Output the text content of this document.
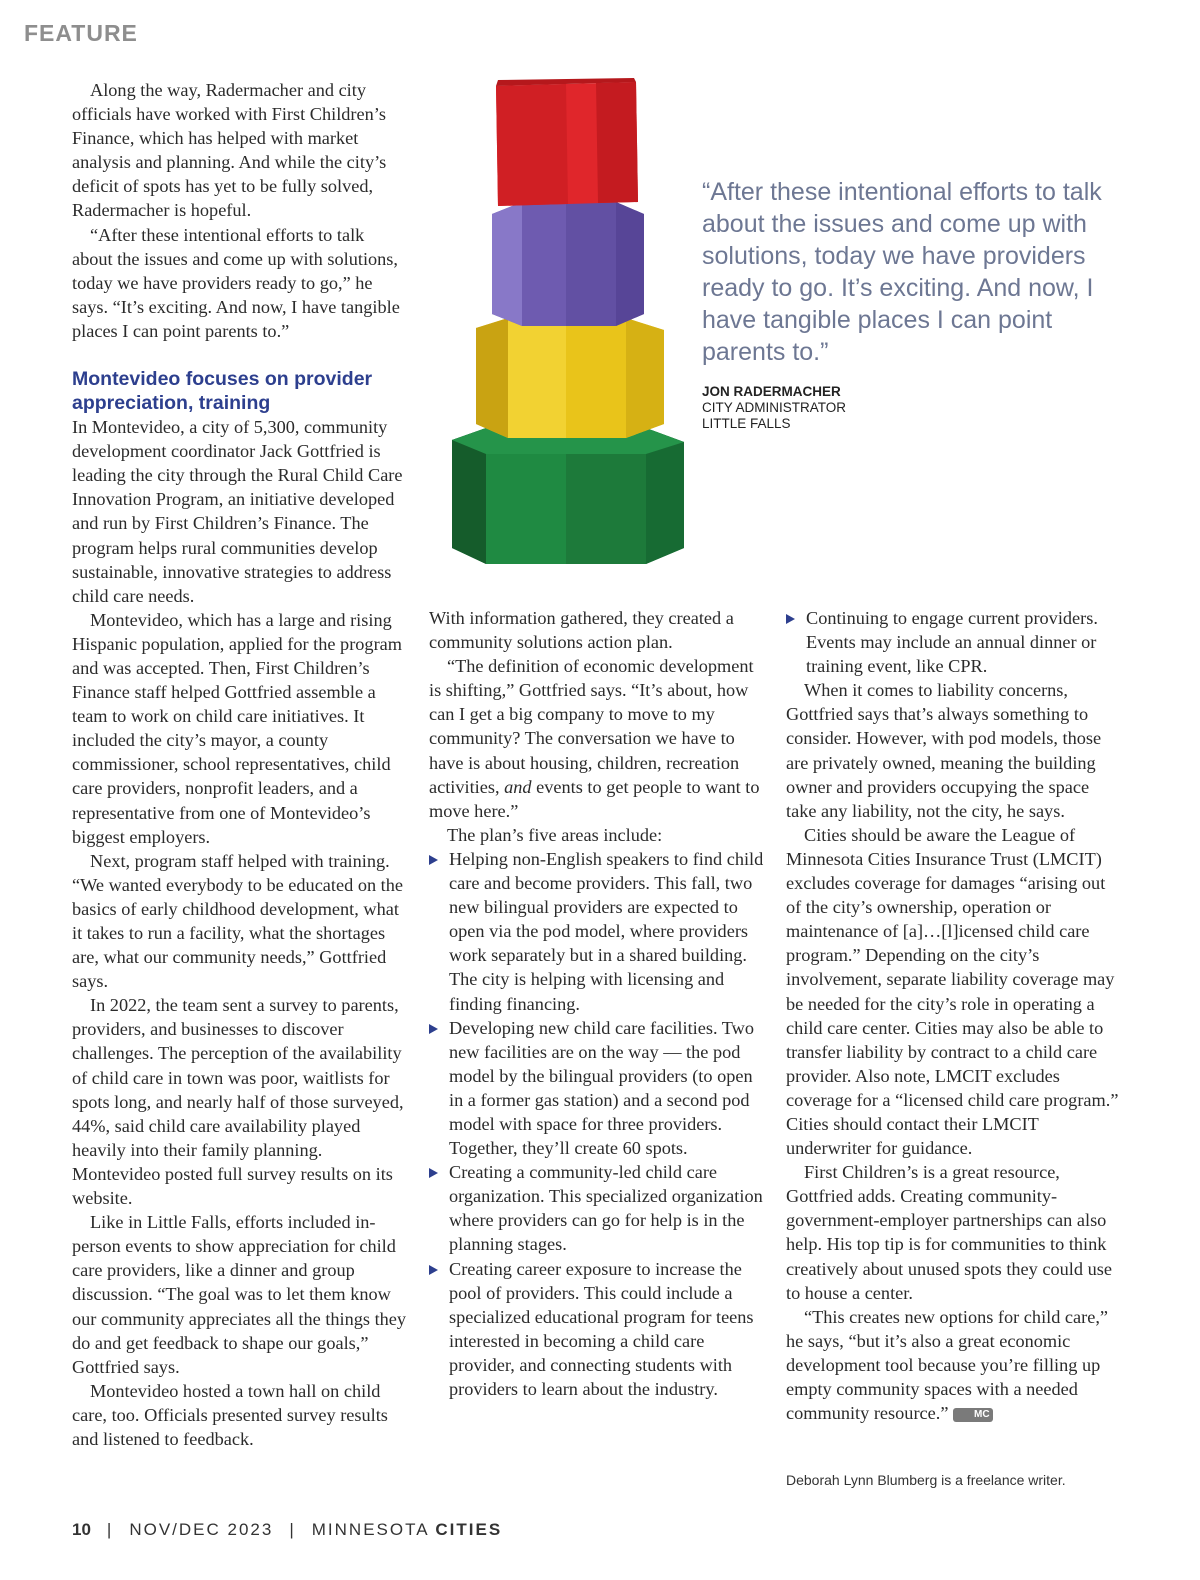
FEATURE

Along the way, Radermacher and city officials have worked with First Children’s Finance, which has helped with market analysis and planning. And while the city’s deficit of spots has yet to be fully solved, Radermacher is hopeful.

“After these intentional efforts to talk about the issues and come up with solutions, today we have providers ready to go,” he says. “It’s exciting. And now, I have tangible places I can point parents to.”

Montevideo focuses on provider appreciation, training

In Montevideo, a city of 5,300, community development coordinator Jack Gottfried is leading the city through the Rural Child Care Innovation Program, an initiative developed and run by First Children’s Finance. The program helps rural communities develop sustainable, innovative strategies to address child care needs.

Montevideo, which has a large and rising Hispanic population, applied for the program and was accepted. Then, First Children’s Finance staff helped Gottfried assemble a team to work on child care initiatives. It included the city’s mayor, a county commissioner, school representatives, child care providers, nonprofit leaders, and a representative from one of Montevideo’s biggest employers.

Next, program staff helped with training. “We wanted everybody to be educated on the basics of early childhood development, what it takes to run a facility, what the shortages are, what our community needs,” Gottfried says.

In 2022, the team sent a survey to parents, providers, and businesses to discover challenges. The perception of the availability of child care in town was poor, waitlists for spots long, and nearly half of those surveyed, 44%, said child care availability played heavily into their family planning. Montevideo posted full survey results on its website.

Like in Little Falls, efforts included in-person events to show appreciation for child care providers, like a dinner and group discussion. “The goal was to let them know our community appreciates all the things they do and get feedback to shape our goals,” Gottfried says.

Montevideo hosted a town hall on child care, too. Officials presented survey results and listened to feedback.

“After these intentional efforts to talk about the issues and come up with solutions, today we have providers ready to go. It’s exciting. And now, I have tangible places I can point parents to.”

JON RADERMACHER
CITY ADMINISTRATOR
LITTLE FALLS

With information gathered, they created a community solutions action plan.

“The definition of economic development is shifting,” Gottfried says. “It’s about, how can I get a big company to move to my community? The conversation we have to have is about housing, children, recreation activities, and events to get people to want to move here.”

The plan’s five areas include:

Helping non-English speakers to find child care and become providers. This fall, two new bilingual providers are expected to open via the pod model, where providers work separately but in a shared building. The city is helping with licensing and finding financing.
Developing new child care facilities. Two new facilities are on the way — the pod model by the bilingual providers (to open in a former gas station) and a second pod model with space for three providers. Together, they’ll create 60 spots.
Creating a community-led child care organization. This specialized organization where providers can go for help is in the planning stages.
Creating career exposure to increase the pool of providers. This could include a specialized educational program for teens interested in becoming a child care provider, and connecting students with providers to learn about the industry.
Continuing to engage current providers. Events may include an annual dinner or training event, like CPR.

When it comes to liability concerns, Gottfried says that’s always something to consider. However, with pod models, those are privately owned, meaning the building owner and providers occupying the space take any liability, not the city, he says.

Cities should be aware the League of Minnesota Cities Insurance Trust (LMCIT) excludes coverage for damages “arising out of the city’s ownership, operation or maintenance of [a]…[l]icensed child care program.” Depending on the city’s involvement, separate liability coverage may be needed for the city’s role in operating a child care center. Cities may also be able to transfer liability by contract to a child care provider. Also note, LMCIT excludes coverage for a “licensed child care program.” Cities should contact their LMCIT underwriter for guidance.

First Children’s is a great resource, Gottfried adds. Creating community-government-employer partnerships can also help. His top tip is for communities to think creatively about unused spots they could use to house a center.

“This creates new options for child care,” he says, “but it’s also a great economic development tool because you’re filling up empty community spaces with a needed community resource.”	MC

Deborah Lynn Blumberg is a freelance writer.
10 | NOV/DEC 2023 | MINNESOTA CITIES
